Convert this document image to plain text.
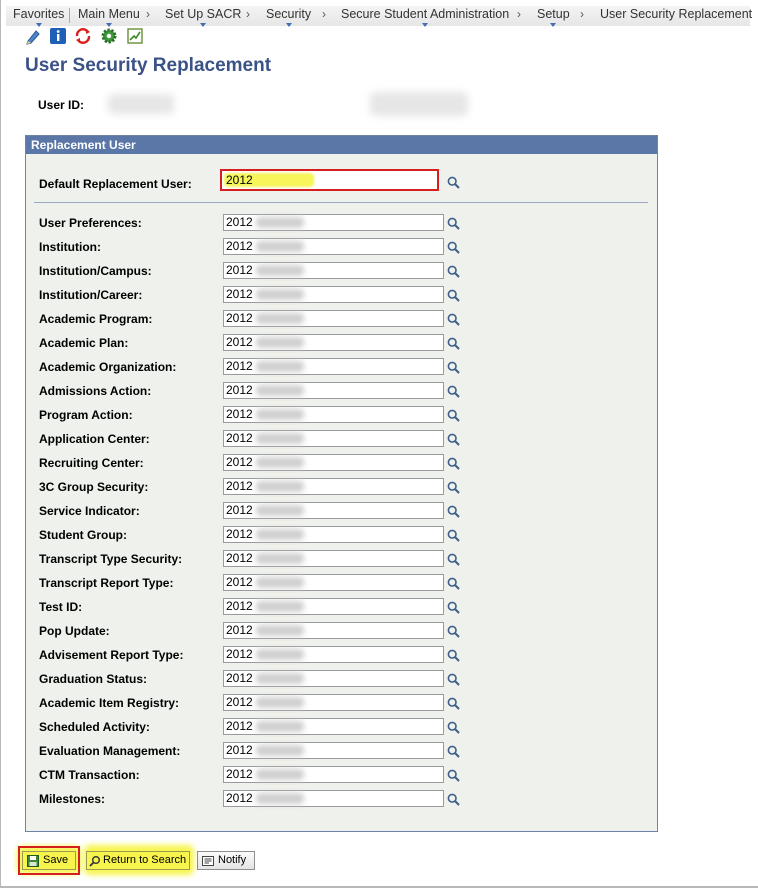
Favorites Main Menu › Set Up SACR › Security › Secure Student Administration › Setup › User Security Replacement
User Security Replacement
User ID:
Replacement User
Default Replacement User:	2012
User Preferences:	2012
Institution:	2012
Institution/Campus:	2012
Institution/Career:	2012
Academic Program:	2012
Academic Plan:	2012
Academic Organization:	2012
Admissions Action:	2012
Program Action:	2012
Application Center:	2012
Recruiting Center:	2012
3C Group Security:	2012
Service Indicator:	2012
Student Group:	2012
Transcript Type Security:	2012
Transcript Report Type:	2012
Test ID:	2012
Pop Update:	2012
Advisement Report Type:	2012
Graduation Status:	2012
Academic Item Registry:	2012
Scheduled Activity:	2012
Evaluation Management:	2012
CTM Transaction:	2012
Milestones:	2012
Save	Return to Search	Notify
